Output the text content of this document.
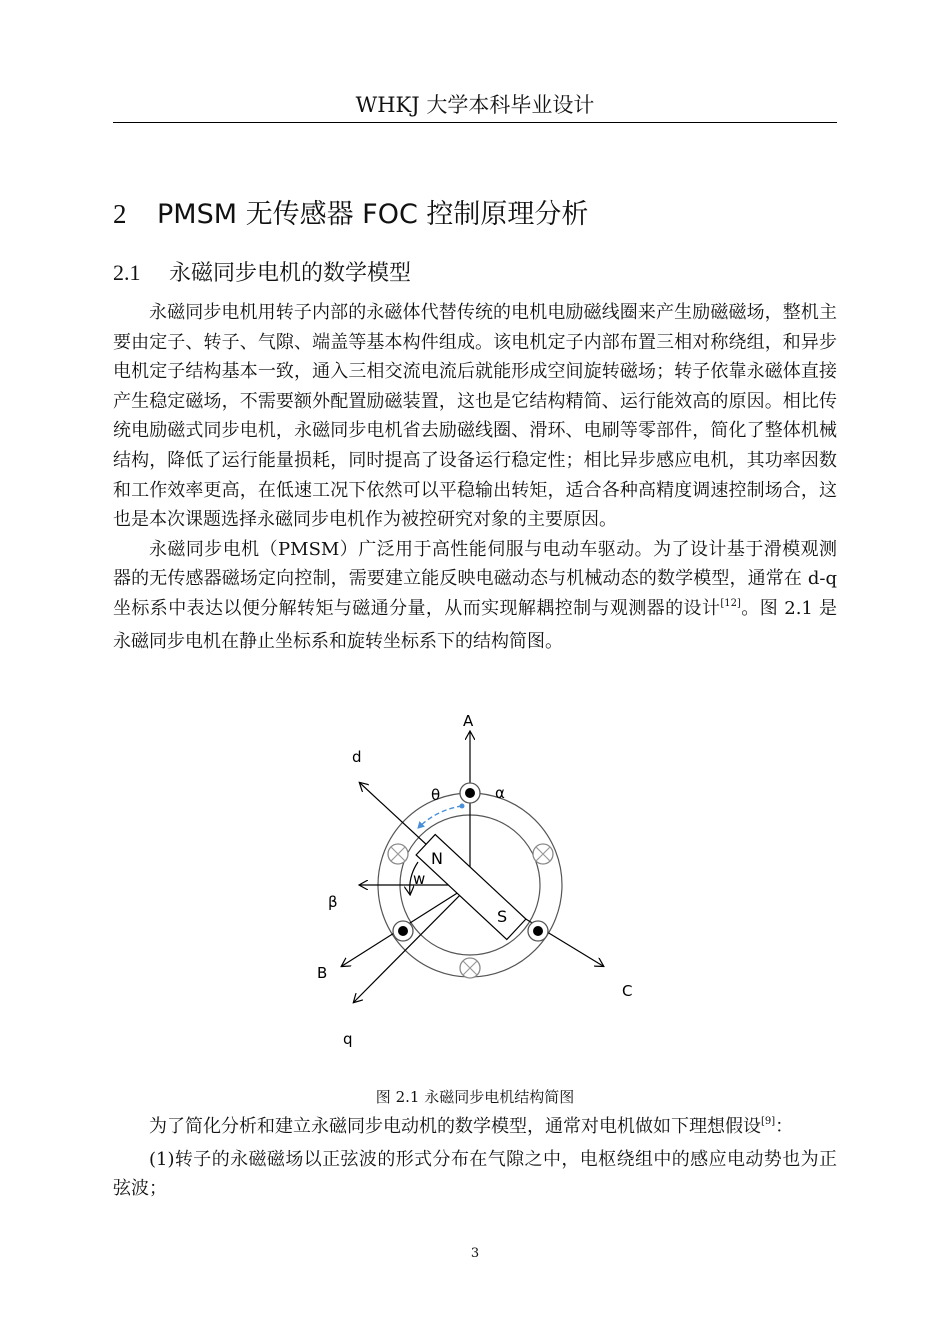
WHKJ 大学本科毕业设计
2 PMSM 无传感器 FOC 控制原理分析
2.1 永磁同步电机的数学模型

永磁同步电机用转子内部的永磁体代替传统的电机电励磁线圈来产生励磁磁场，整机主要由定子、转子、气隙、端盖等基本构件组成。该电机定子内部布置三相对称绕组，和异步电机定子结构基本一致，通入三相交流电流后就能形成空间旋转磁场；转子依靠永磁体直接产生稳定磁场，不需要额外配置励磁装置，这也是它结构精简、运行能效高的原因。相比传统电励磁式同步电机，永磁同步电机省去励磁线圈、滑环、电刷等零部件，简化了整体机械结构，降低了运行能量损耗，同时提高了设备运行稳定性；相比异步感应电机，其功率因数和工作效率更高，在低速工况下依然可以平稳输出转矩，适合各种高精度调速控制场合，这也是本次课题选择永磁同步电机作为被控研究对象的主要原因。

永磁同步电机（PMSM）广泛用于高性能伺服与电动车驱动。为了设计基于滑模观测器的无传感器磁场定向控制，需要建立能反映电磁动态与机械动态的数学模型，通常在 d-q 坐标系中表达以便分解转矩与磁通分量，从而实现解耦控制与观测器的设计[12]。图 2.1 是永磁同步电机在静止坐标系和旋转坐标系下的结构简图。

A
B
C
d
q
α
β
θ
w
N
S
图 2.1 永磁同步电机结构简图

为了简化分析和建立永磁同步电动机的数学模型，通常对电机做如下理想假设[9]：

(1)转子的永磁磁场以正弦波的形式分布在气隙之中，电枢绕组中的感应电动势也为正弦波；

3
